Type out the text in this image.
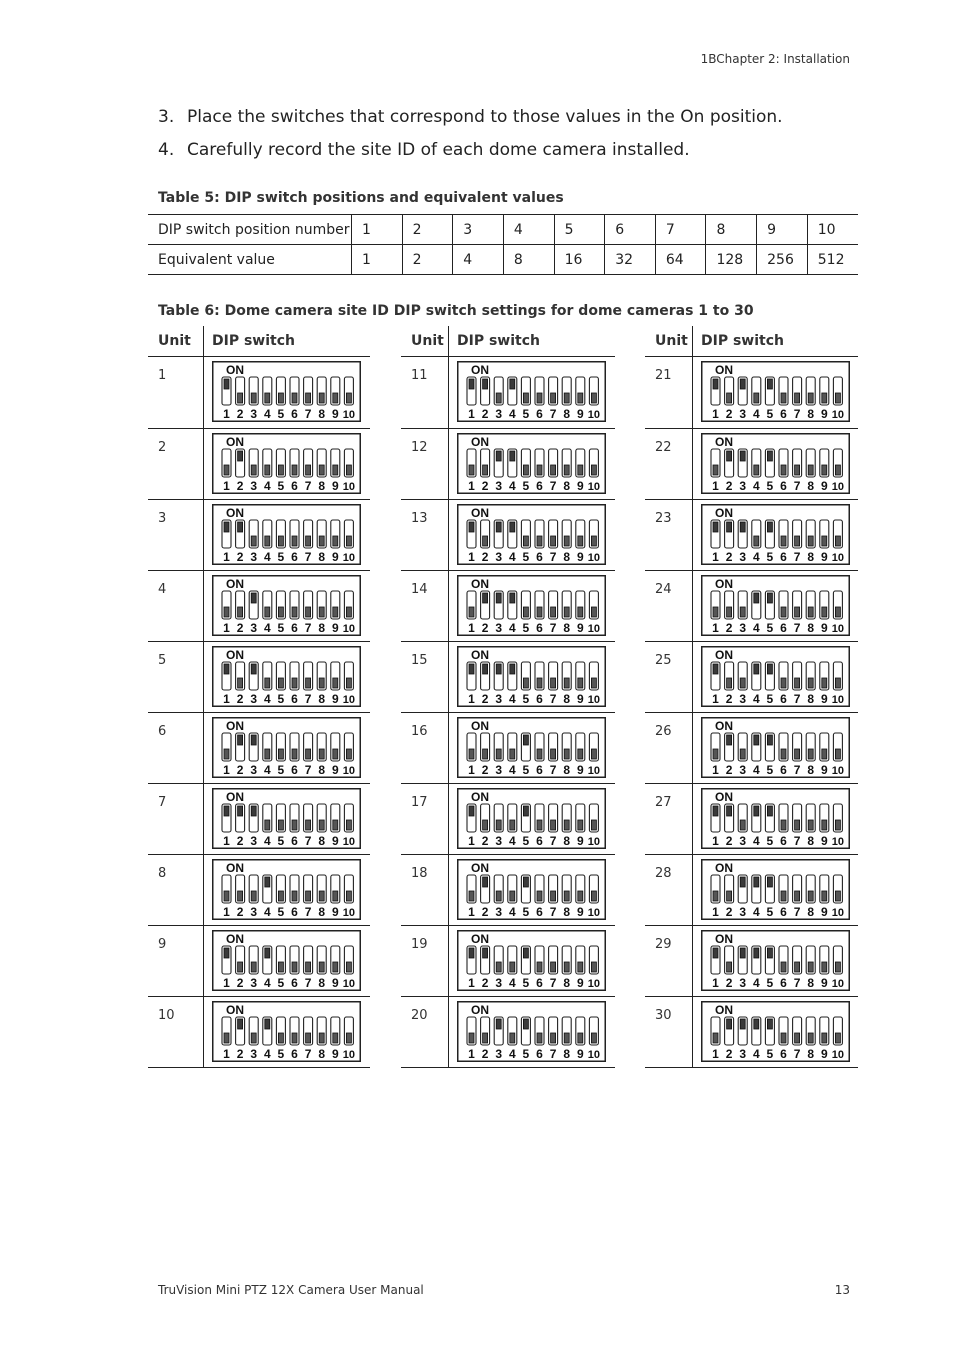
1BChapter 2: Installation
3. Place the switches that correspond to those values in the On position.
4. Carefully record the site ID of each dome camera installed.
Table 5: DIP switch positions and equivalent values
DIP switch position number	1	2	3	4	5	6	7	8	9	10
Equivalent value	1	2	4	8	16	32	64	128	256	512
Table 6: Dome camera site ID DIP switch settings for dome cameras 1 to 30
Unit	DIP switch
1	ON
1 2 3 4 5 6 7 8 9 10
2	ON
1 2 3 4 5 6 7 8 9 10
3	ON
1 2 3 4 5 6 7 8 9 10
4	ON
1 2 3 4 5 6 7 8 9 10
5	ON
1 2 3 4 5 6 7 8 9 10
6	ON
1 2 3 4 5 6 7 8 9 10
7	ON
1 2 3 4 5 6 7 8 9 10
8	ON
1 2 3 4 5 6 7 8 9 10
9	ON
1 2 3 4 5 6 7 8 9 10
10	ON
1 2 3 4 5 6 7 8 9 10
Unit DIP switch
11	ON
1 2 3 4 5 6 7 8 9 10
12	ON
1 2 3 4 5 6 7 8 9 10
13	ON
1 2 3 4 5 6 7 8 9 10
14	ON
1 2 3 4 5 6 7 8 9 10
15	ON
1 2 3 4 5 6 7 8 9 10
16	ON
1 2 3 4 5 6 7 8 9 10
17	ON
1 2 3 4 5 6 7 8 9 10
18	ON
1 2 3 4 5 6 7 8 9 10
19	ON
1 2 3 4 5 6 7 8 9 10
20	ON
1 2 3 4 5 6 7 8 9 10
Unit DIP switch
21	ON
1 2 3 4 5 6 7 8 9 10
22	ON
1 2 3 4 5 6 7 8 9 10
23	ON
1 2 3 4 5 6 7 8 9 10
24	ON
1 2 3 4 5 6 7 8 9 10
25	ON
1 2 3 4 5 6 7 8 9 10
26	ON
1 2 3 4 5 6 7 8 9 10
27	ON
1 2 3 4 5 6 7 8 9 10
28	ON
1 2 3 4 5 6 7 8 9 10
29	ON
1 2 3 4 5 6 7 8 9 10
30	ON
1 2 3 4 5 6 7 8 9 10
TruVision Mini PTZ 12X Camera User Manual	13
